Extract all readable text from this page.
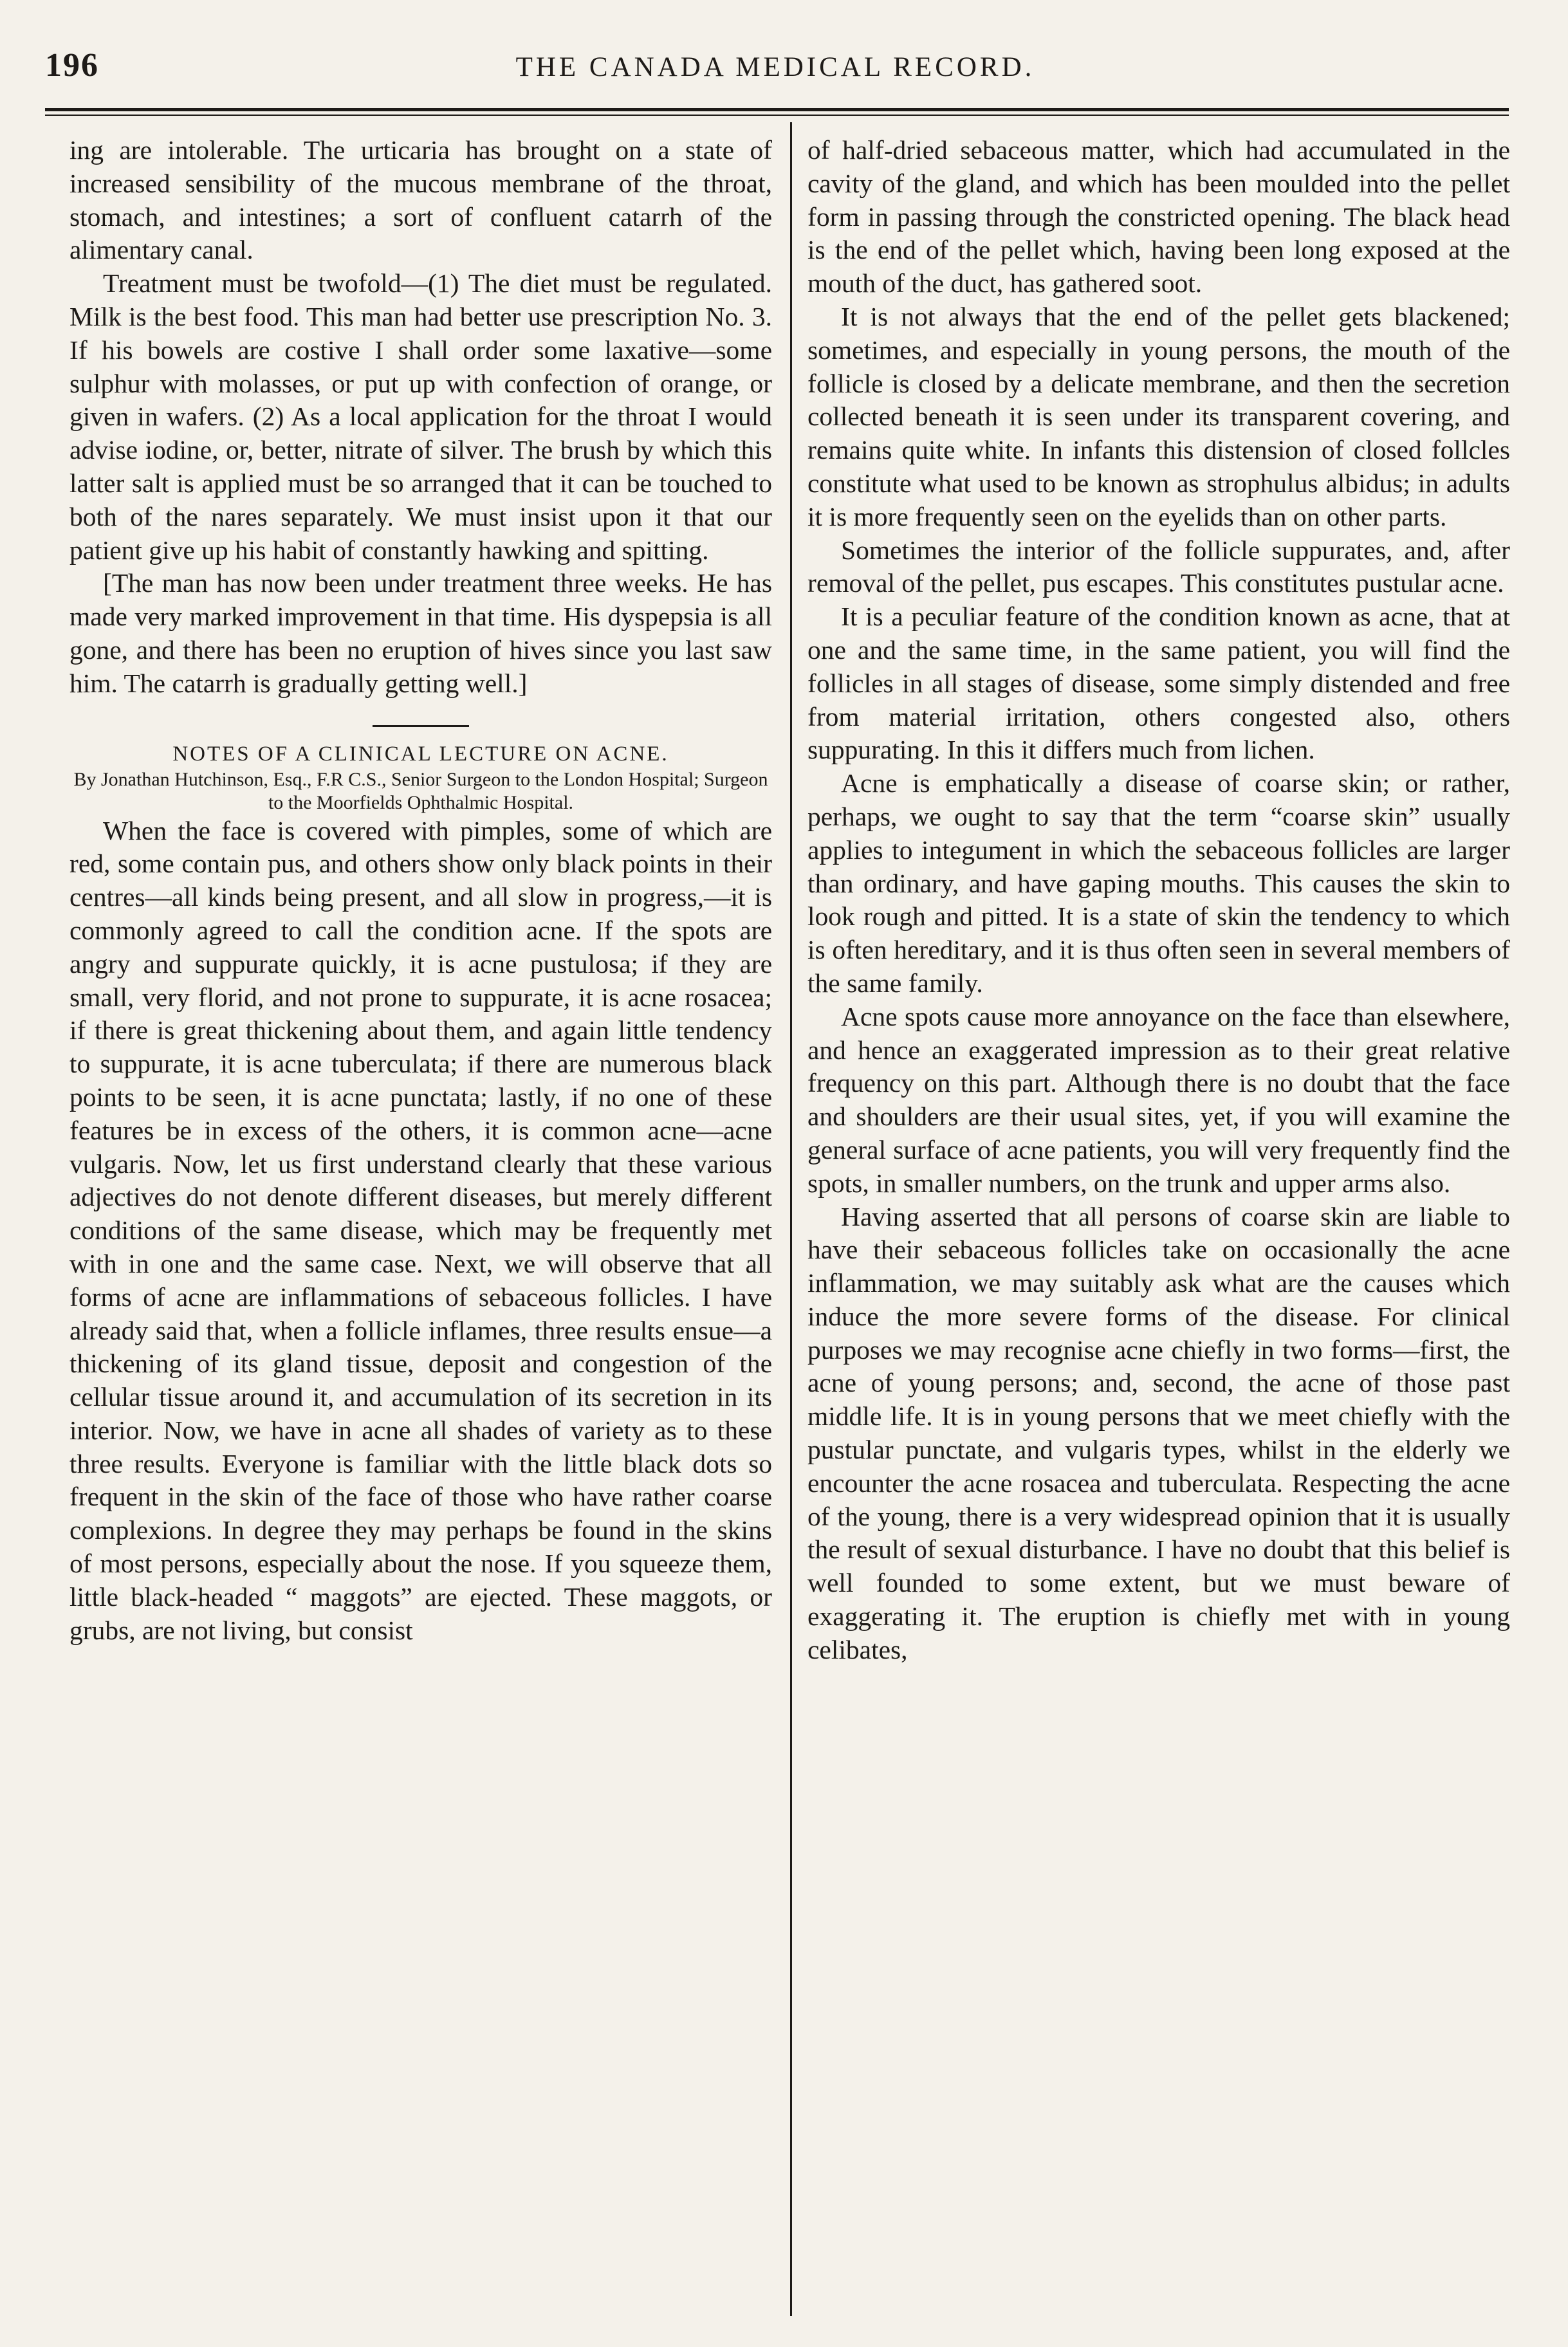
196	THE CANADA MEDICAL RECORD.

ing are intolerable. The urticaria has brought on a state of increased sensibility of the mucous membrane of the throat, stomach, and intestines; a sort of confluent catarrh of the alimentary canal.

Treatment must be twofold—(1) The diet must be regulated. Milk is the best food. This man had better use prescription No. 3. If his bowels are costive I shall order some laxative—some sulphur with molasses, or put up with confection of orange, or given in wafers. (2) As a local application for the throat I would advise iodine, or, better, nitrate of silver. The brush by which this latter salt is applied must be so arranged that it can be touched to both of the nares separately. We must insist upon it that our patient give up his habit of constantly hawking and spitting.

[The man has now been under treatment three weeks. He has made very marked improvement in that time. His dyspepsia is all gone, and there has been no eruption of hives since you last saw him. The catarrh is gradually getting well.]

NOTES OF A CLINICAL LECTURE ON ACNE.

By Jonathan Hutchinson, Esq., F.R C.S., Senior Surgeon to the London Hospital; Surgeon to the Moorfields Ophthalmic Hospital.

When the face is covered with pimples, some of which are red, some contain pus, and others show only black points in their centres—all kinds being present, and all slow in progress,—it is commonly agreed to call the condition acne. If the spots are angry and suppurate quickly, it is acne pustulosa; if they are small, very florid, and not prone to suppurate, it is acne rosacea; if there is great thickening about them, and again little tendency to suppurate, it is acne tuberculata; if there are numerous black points to be seen, it is acne punctata; lastly, if no one of these features be in excess of the others, it is common acne—acne vulgaris. Now, let us first understand clearly that these various adjectives do not denote different diseases, but merely different conditions of the same disease, which may be frequently met with in one and the same case. Next, we will observe that all forms of acne are inflammations of sebaceous follicles. I have already said that, when a follicle inflames, three results ensue—a thickening of its gland tissue, deposit and congestion of the cellular tissue around it, and accumulation of its secretion in its interior. Now, we have in acne all shades of variety as to these three results. Everyone is familiar with the little black dots so frequent in the skin of the face of those who have rather coarse complexions. In degree they may perhaps be found in the skins of most persons, especially about the nose. If you squeeze them, little black-headed “ maggots” are ejected. These maggots, or grubs, are not living, but consist

of half-dried sebaceous matter, which had accumulated in the cavity of the gland, and which has been moulded into the pellet form in passing through the constricted opening. The black head is the end of the pellet which, having been long exposed at the mouth of the duct, has gathered soot.

It is not always that the end of the pellet gets blackened; sometimes, and especially in young persons, the mouth of the follicle is closed by a delicate membrane, and then the secretion collected beneath it is seen under its transparent covering, and remains quite white. In infants this distension of closed follcles constitute what used to be known as strophulus albidus; in adults it is more frequently seen on the eyelids than on other parts.

Sometimes the interior of the follicle suppurates, and, after removal of the pellet, pus escapes. This constitutes pustular acne.

It is a peculiar feature of the condition known as acne, that at one and the same time, in the same patient, you will find the follicles in all stages of disease, some simply distended and free from material irritation, others congested also, others suppurating. In this it differs much from lichen.

Acne is emphatically a disease of coarse skin; or rather, perhaps, we ought to say that the term “coarse skin” usually applies to integument in which the sebaceous follicles are larger than ordinary, and have gaping mouths. This causes the skin to look rough and pitted. It is a state of skin the tendency to which is often hereditary, and it is thus often seen in several members of the same family.

Acne spots cause more annoyance on the face than elsewhere, and hence an exaggerated impression as to their great relative frequency on this part. Although there is no doubt that the face and shoulders are their usual sites, yet, if you will examine the general surface of acne patients, you will very frequently find the spots, in smaller numbers, on the trunk and upper arms also.

Having asserted that all persons of coarse skin are liable to have their sebaceous follicles take on occasionally the acne inflammation, we may suitably ask what are the causes which induce the more severe forms of the disease. For clinical purposes we may recognise acne chiefly in two forms—first, the acne of young persons; and, second, the acne of those past middle life. It is in young persons that we meet chiefly with the pustular punctate, and vulgaris types, whilst in the elderly we encounter the acne rosacea and tuberculata. Respecting the acne of the young, there is a very widespread opinion that it is usually the result of sexual disturbance. I have no doubt that this belief is well founded to some extent, but we must beware of exaggerating it. The eruption is chiefly met with in young celibates,
